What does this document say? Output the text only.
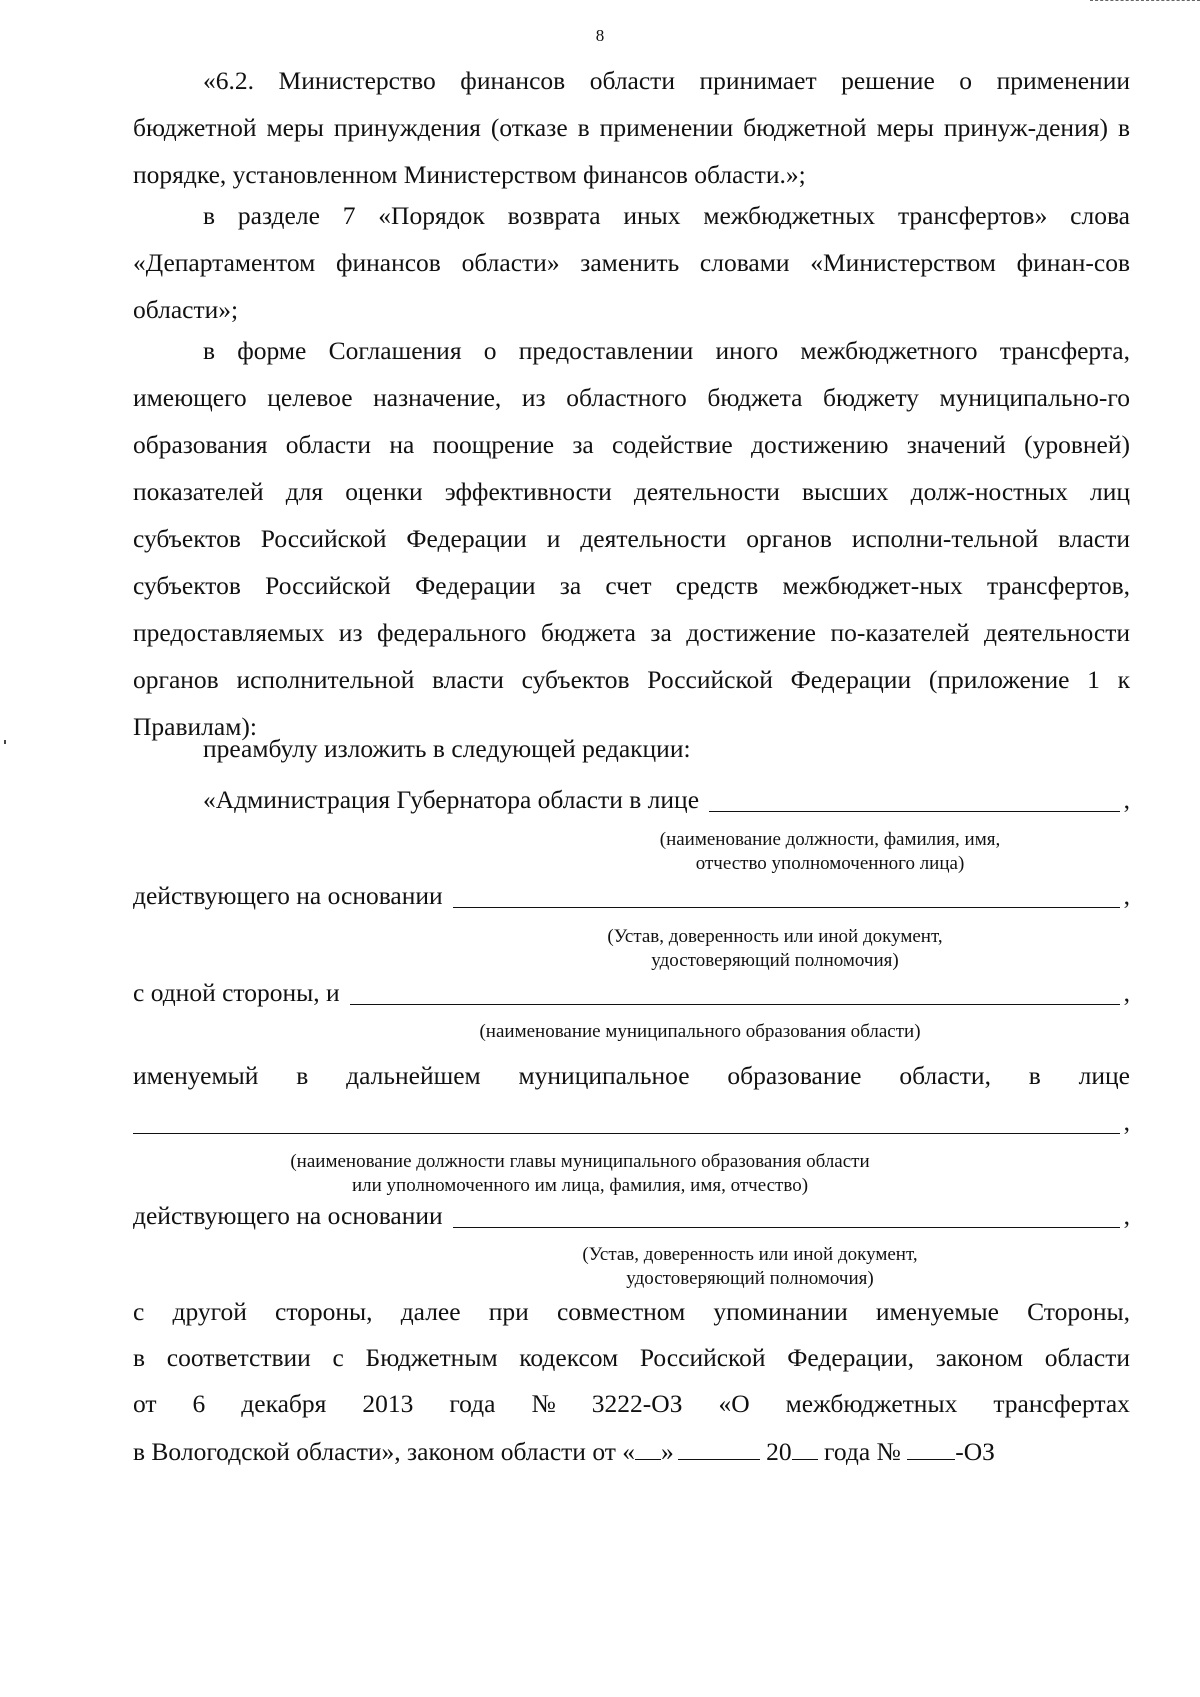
8

«6.2. Министерство финансов области принимает решение о применении бюджетной меры принуждения (отказе в применении бюджетной меры принуж-дения) в порядке, установленном Министерством финансов области.»;

в разделе 7 «Порядок возврата иных межбюджетных трансфертов» слова «Департаментом финансов области» заменить словами «Министерством финан-сов области»;

в форме Соглашения о предоставлении иного межбюджетного трансферта, имеющего целевое назначение, из областного бюджета бюджету муниципально-го образования области на поощрение за содействие достижению значений (уровней) показателей для оценки эффективности деятельности высших долж-ностных лиц субъектов Российской Федерации и деятельности органов исполни-тельной власти субъектов Российской Федерации за счет средств межбюджет-ных трансфертов, предоставляемых из федерального бюджета за достижение по-казателей деятельности органов исполнительной власти субъектов Российской Федерации (приложение 1 к Правилам):

преамбулу изложить в следующей редакции:

«Администрация Губернатора области в лице	,
(наименование должности, фамилия, имя,
отчество уполномоченного лица)
действующего на основании	,
(Устав, доверенность или иной документ,
удостоверяющий полномочия)
с одной стороны, и	,
(наименование муниципального образования области)
именуемый в дальнейшем муниципальное образование области, в лице
,
(наименование должности главы муниципального образования области
или уполномоченного им лица, фамилия, имя, отчество)
действующего на основании	,
(Устав, доверенность или иной документ,
удостоверяющий полномочия)
с другой стороны, далее при совместном упоминании именуемые Стороны,
в соответствии с Бюджетным кодексом Российской Федерации, законом области
от 6 декабря 2013 года № 3222-ОЗ «О межбюджетных трансфертах
в Вологодской области», законом области от « »	20 года № -ОЗ
